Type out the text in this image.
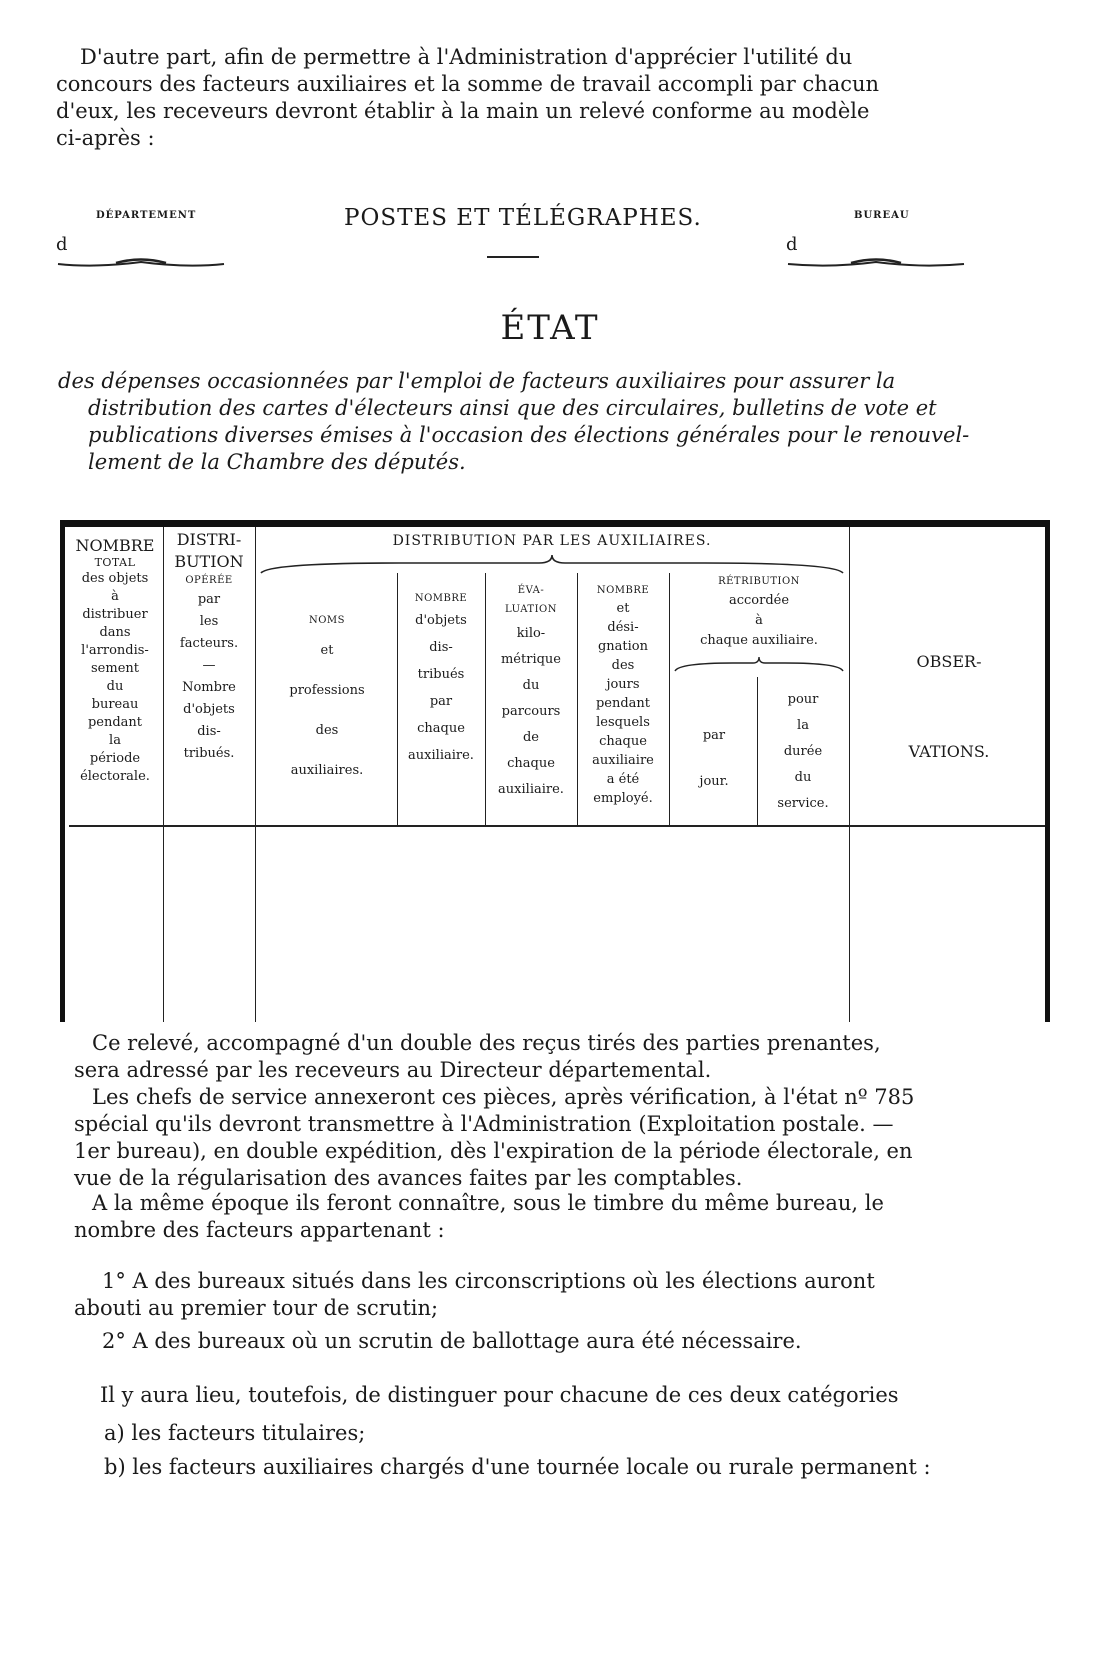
D'autre part, afin de permettre à l'Administration d'apprécier l'utilité du
concours des facteurs auxiliaires et la somme de travail accompli par chacun
d'eux, les receveurs devront établir à la main un relevé conforme au modèle
ci-après :
DÉPARTEMENT
d
POSTES ET TÉLÉGRAPHES.	BUREAU
d
ÉTAT
des dépenses occasionnées par l'emploi de facteurs auxiliaires pour assurer la
distribution des cartes d'électeurs ainsi que des circulaires, bulletins de vote et
publications diverses émises à l'occasion des élections générales pour le renouvel-
lement de la Chambre des députés.
NOMBRE
TOTAL
des objets
à
distribuer
dans
l'arrondis-
sement
du
bureau
pendant
la
période
électorale.
DISTRI-
BUTION
OPÉRÉE
par
les
facteurs.
—
Nombre
d'objets
dis-
tribués.
DISTRIBUTION PAR LES AUXILIAIRES.
NOMS
et
professions
des
auxiliaires.
NOMBRE
d'objets
dis-
tribués
par
chaque
auxiliaire.
ÉVA-
LUATION
kilo-
métrique
du
parcours
de
chaque
auxiliaire.
NOMBRE
et
dési-
gnation
des
jours
pendant
lesquels
chaque
auxiliaire
a été
employé.
RÉTRIBUTION
accordée
à
chaque auxiliaire.
par
jour.
pour
la
durée
du
service.
OBSER-
VATIONS.
Ce relevé, accompagné d'un double des reçus tirés des parties prenantes,
sera adressé par les receveurs au Directeur départemental.
Les chefs de service annexeront ces pièces, après vérification, à l'état nº 785
spécial qu'ils devront transmettre à l'Administration (Exploitation postale. —
1er bureau), en double expédition, dès l'expiration de la période électorale, en
vue de la régularisation des avances faites par les comptables.
A la même époque ils feront connaître, sous le timbre du même bureau, le
nombre des facteurs appartenant :
1° A des bureaux situés dans les circonscriptions où les élections auront
abouti au premier tour de scrutin;
2° A des bureaux où un scrutin de ballottage aura été nécessaire.
Il y aura lieu, toutefois, de distinguer pour chacune de ces deux catégories
a) les facteurs titulaires;
b) les facteurs auxiliaires chargés d'une tournée locale ou rurale permanent :
